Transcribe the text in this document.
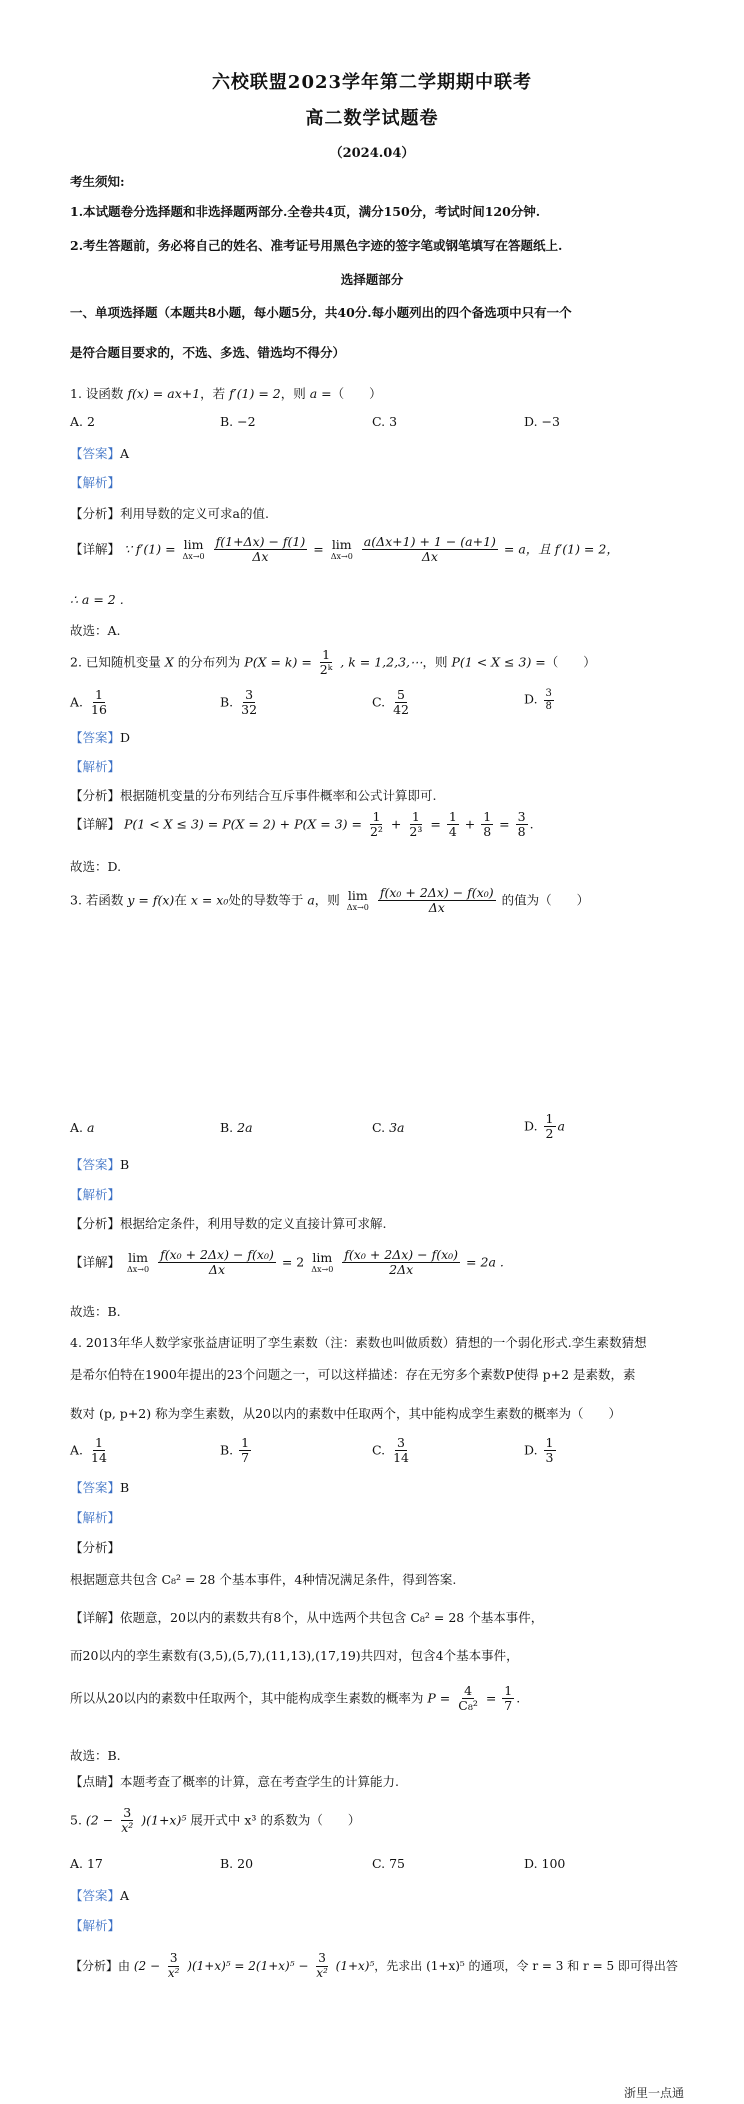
六校联盟2023学年第二学期期中联考
高二数学试题卷
（2024.04）
考生须知:
1.本试题卷分选择题和非选择题两部分.全卷共4页，满分150分，考试时间120分钟.
2.考生答题前，务必将自己的姓名、准考证号用黑色字迹的签字笔或钢笔填写在答题纸上.
选择题部分
一、单项选择题（本题共8小题，每小题5分，共40分.每小题列出的四个备选项中只有一个
是符合题目要求的，不选、多选、错选均不得分）
1. 设函数 f(x) = ax+1，若 f′(1) = 2，则 a =（　　）
A. 2	B. −2	C. 3	D. −3
【答案】A
【解析】
【分析】利用导数的定义可求a的值.
【详解】 ∵ f′(1) = lim
Δx→0
$\frac{f(1+\Delta x) - f(1)}{\Delta x} = \lim$
Δx→0
$\frac{a(\Delta x+1) + 1 - (a+1)}{\Delta x} = a$，且 f′(1) = 2，
∴ a = 2 .
故选：A.
2. 已知随机变量 X 的分布列为 $P(X = k) = \frac{1}{\text{2ᵏ}}$ , k = 1,2,3,⋯，则 P(1 < X ≤ 3) =（　　）
A. $\frac{1}{16}$	B. $\frac{3}{32}$	C. $\frac{5}{42}$	D. $\frac{3}{8}$
【答案】D
【解析】
【分析】根据随机变量的分布列结合互斥事件概率和公式计算即可.
【详解】 $P(1 < X \le 3) = P(X = 2) + P(X = 3) = \frac{1}{\text{2²}} + \frac{1}{\text{2³}} = \frac{1}{4} + \frac{1}{8} = \frac{3}{8}$ .
故选：D.
3. 若函数 y = f(x)在 x = x₀处的导数等于 a，则 lim
Δx→0
$\frac{\text{f(x₀ + 2Δx) − f(x₀)}}{\Delta x}$ 的值为（　　）
A. a	B. 2a	C. 3a	D. $\frac{1}{2}$ a
【答案】B
【解析】
【分析】根据给定条件，利用导数的定义直接计算可求解.
【详解】 lim
Δx→0
$\frac{\text{f(x₀ + 2Δx) − f(x₀)}}{\Delta x} = 2$ lim
Δx→0
$\frac{\text{f(x₀ + 2Δx) − f(x₀)}}{2\Delta x} = 2a$ .
故选：B.
4. 2013年华人数学家张益唐证明了孪生素数（注：素数也叫做质数）猜想的一个弱化形式.孪生素数猜想
是希尔伯特在1900年提出的23个问题之一，可以这样描述：存在无穷多个素数P使得 p+2 是素数，素
数对 (p, p+2) 称为孪生素数，从20以内的素数中任取两个，其中能构成孪生素数的概率为（　　）
A. $\frac{1}{14}$	B. $\frac{1}{7}$	C. $\frac{3}{14}$	D. $\frac{1}{3}$
【答案】B
【解析】
【分析】
根据题意共包含 C₈² = 28 个基本事件，4种情况满足条件，得到答案.
【详解】依题意，20以内的素数共有8个，从中选两个共包含 C₈² = 28 个基本事件，
而20以内的孪生素数有(3,5),(5,7),(11,13),(17,19)共四对，包含4个基本事件，
所以从20以内的素数中任取两个，其中能构成孪生素数的概率为 $P = \frac{4}{\text{C₈²}} = \frac{1}{7}$ .
故选：B.
【点睛】本题考查了概率的计算，意在考查学生的计算能力.
5. $(2 - \frac{3}{\text{x²}} )(1+x)^5$ 展开式中 x³ 的系数为（　　）
A. 17	B. 20	C. 75	D. 100
【答案】A
【解析】
【分析】由 $(2 - \frac{3}{\text{x²}} )(1+x)^5 = 2(1+x)^5 - \frac{3}{\text{x²}} (1+x)^5$，先求出 (1+x)⁵ 的通项，令 r = 3 和 r = 5 即可得出答
浙里一点通
